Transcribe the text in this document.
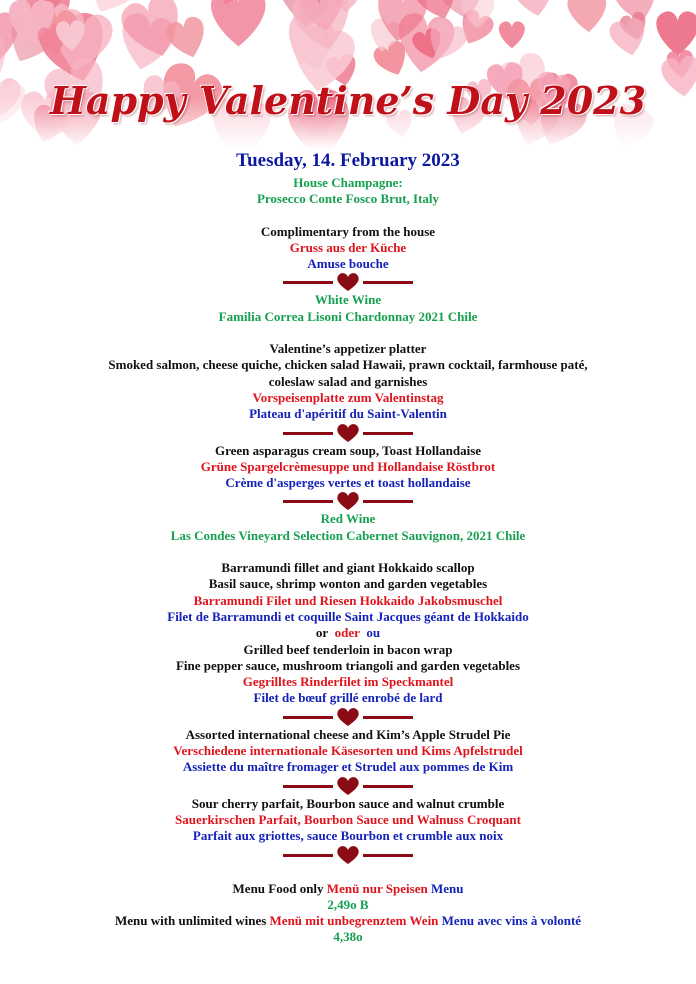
Happy Valentine’s Day 2023
Tuesday, 14. February 2023
House Champagne:
Prosecco Conte Fosco Brut, Italy
Complimentary from the house
Gruss aus der Küche
Amuse bouche
White Wine
Familia Correa Lisoni Chardonnay 2021 Chile
Valentine’s appetizer platter
Smoked salmon, cheese quiche, chicken salad Hawaii, prawn cocktail, farmhouse paté,
coleslaw salad and garnishes
Vorspeisenplatte zum Valentinstag
Plateau d'apéritif du Saint-Valentin
Green asparagus cream soup, Toast Hollandaise
Grüne Spargelcrèmesuppe und Hollandaise Röstbrot
Crème d'asperges vertes et toast hollandaise
Red Wine
Las Condes Vineyard Selection Cabernet Sauvignon, 2021 Chile
Barramundi fillet and giant Hokkaido scallop
Basil sauce, shrimp wonton and garden vegetables
Barramundi Filet und Riesen Hokkaido Jakobsmuschel
Filet de Barramundi et coquille Saint Jacques géant de Hokkaido
or oder ou
Grilled beef tenderloin in bacon wrap
Fine pepper sauce, mushroom triangoli and garden vegetables
Gegrilltes Rinderfilet im Speckmantel
Filet de bœuf grillé enrobé de lard
Assorted international cheese and Kim’s Apple Strudel Pie
Verschiedene internationale Käsesorten und Kims Apfelstrudel
Assiette du maître fromager et Strudel aux pommes de Kim
Sour cherry parfait, Bourbon sauce and walnut crumble
Sauerkirschen Parfait, Bourbon Sauce und Walnuss Croquant
Parfait aux griottes, sauce Bourbon et crumble aux noix
Menu Food only Menü nur Speisen Menu
2,49o B
Menu with unlimited wines Menü mit unbegrenztem Wein Menu avec vins à volonté
4,38o
